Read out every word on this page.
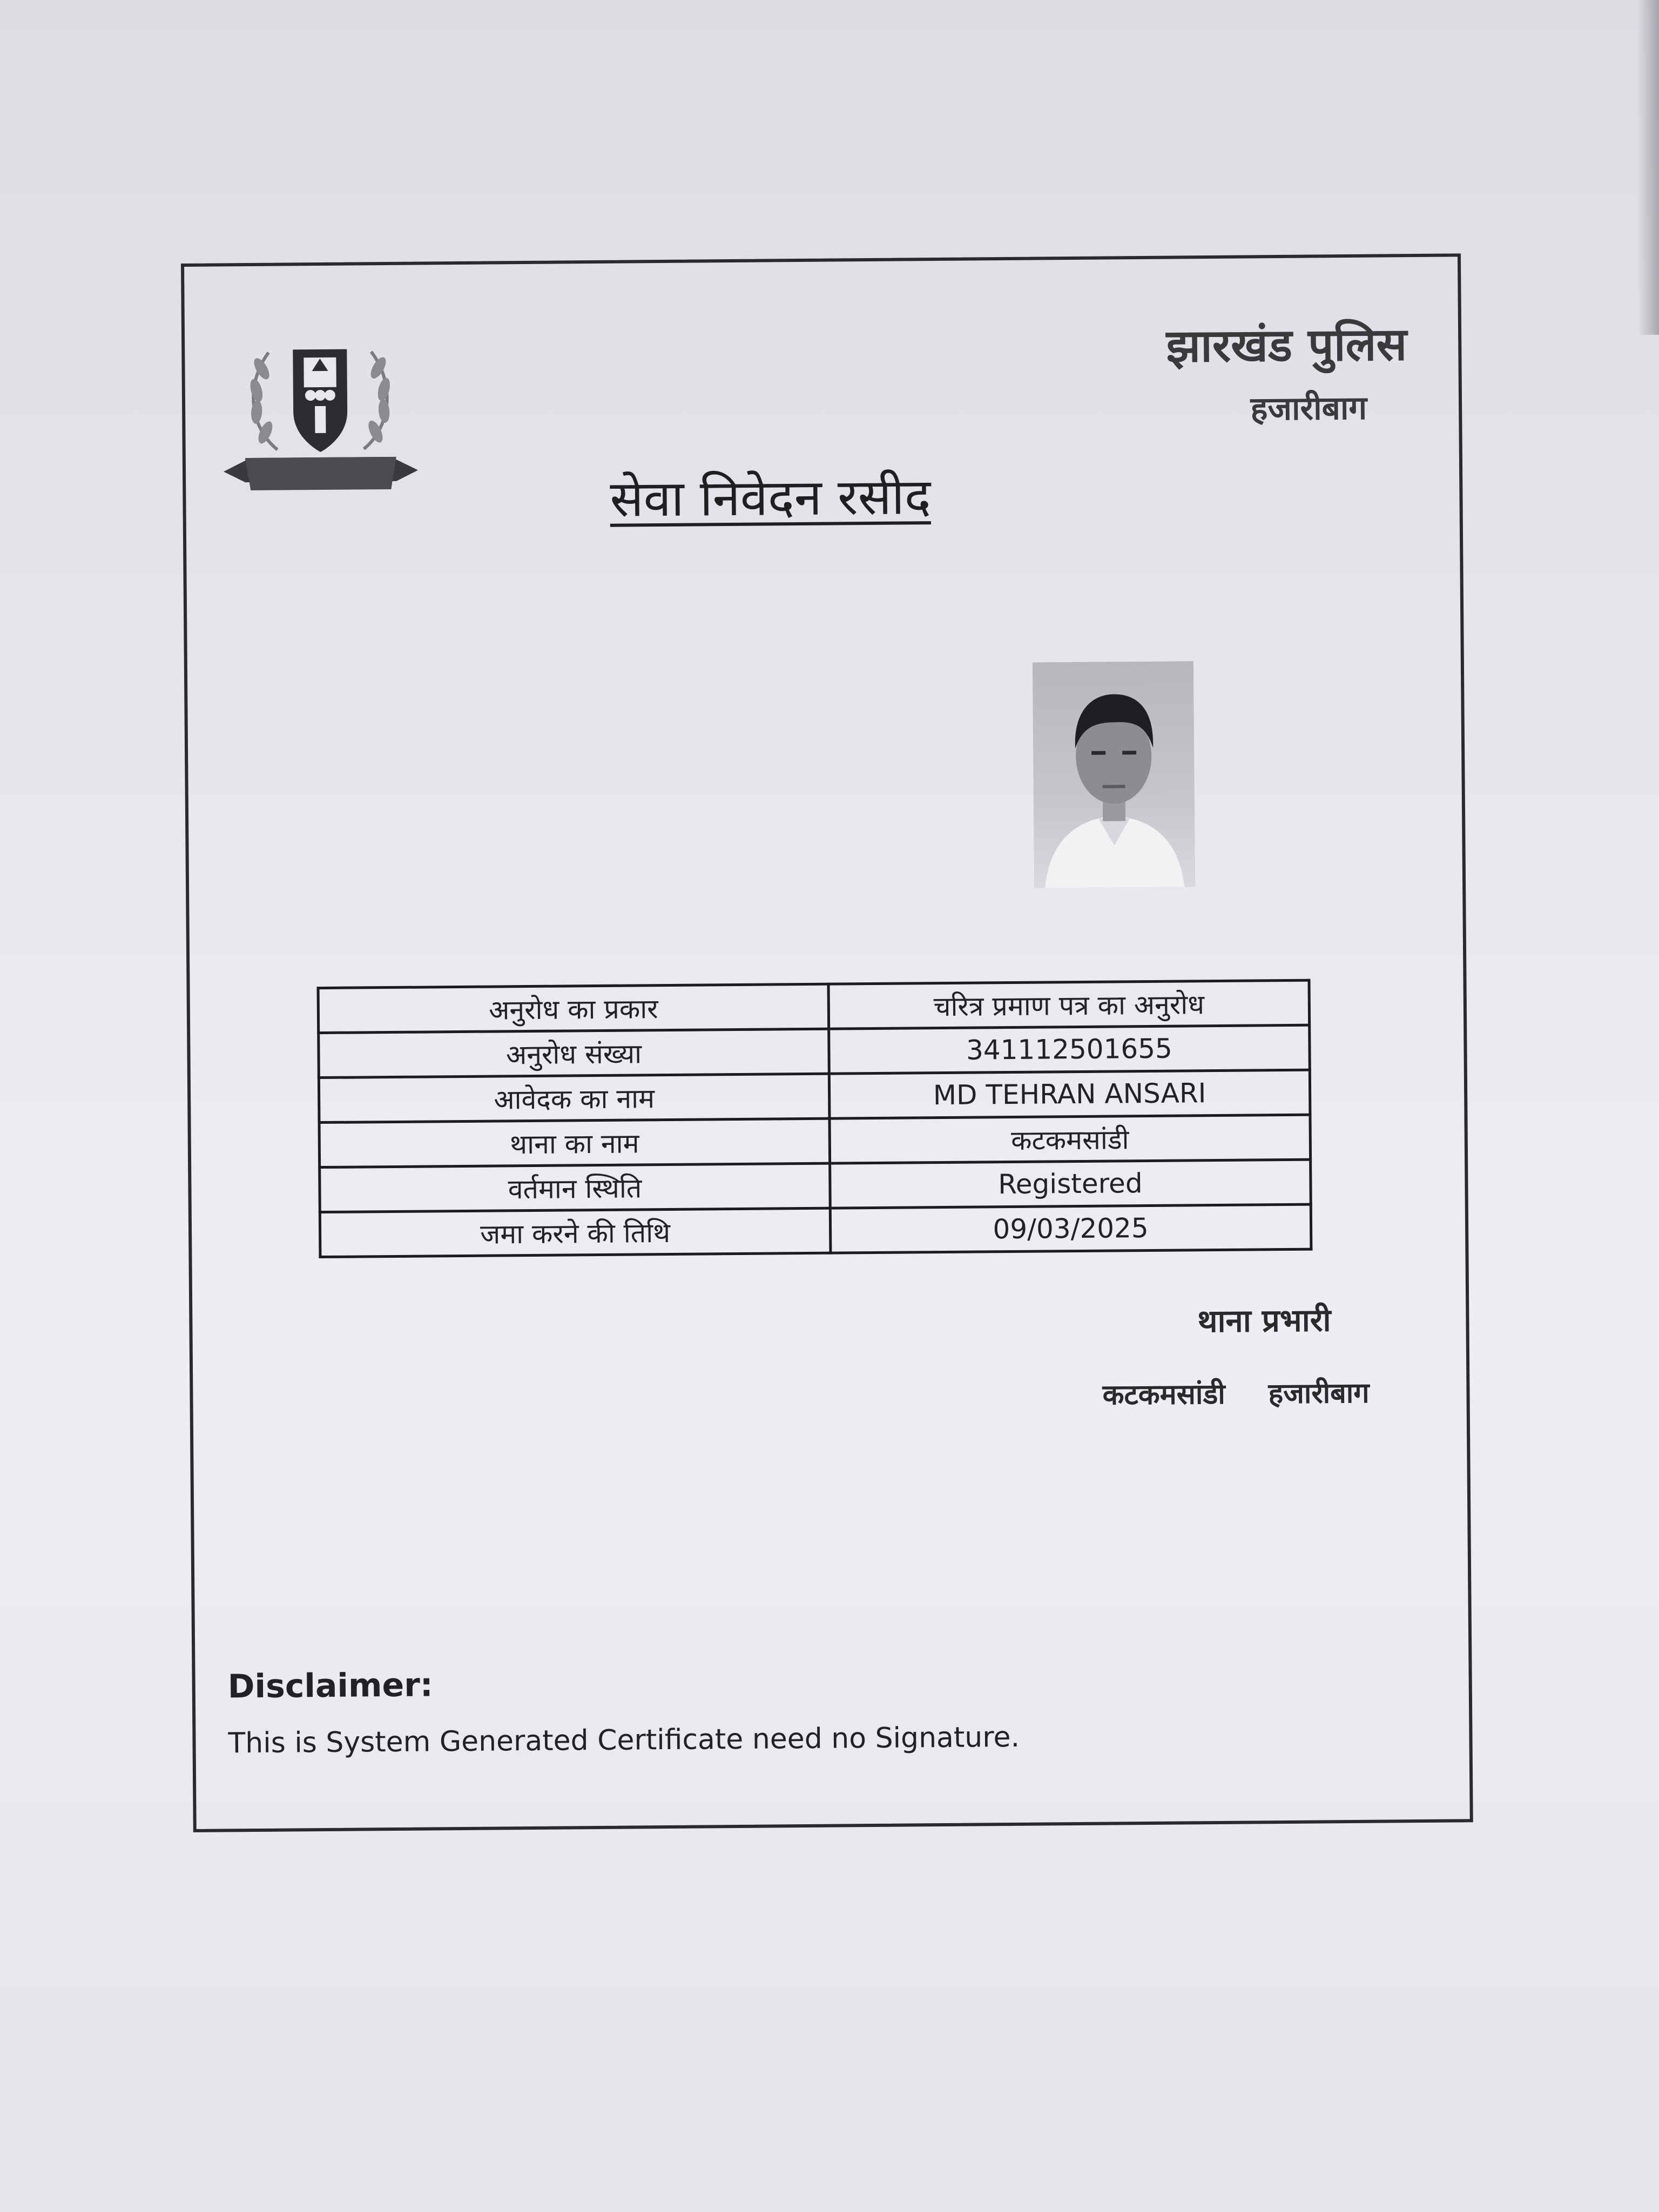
झारखंड पुलिस
हजारीबाग
सेवा निवेदन रसीद
अनुरोध का प्रकार	चरित्र प्रमाण पत्र का अनुरोध
अनुरोध संख्या	341112501655
आवेदक का नाम	MD TEHRAN ANSARI
थाना का नाम	कटकमसांडी
वर्तमान स्थिति	Registered
जमा करने की तिथि	09/03/2025
थाना प्रभारी
कटकमसांडी हजारीबाग
Disclaimer:
This is System Generated Certificate need no Signature.
